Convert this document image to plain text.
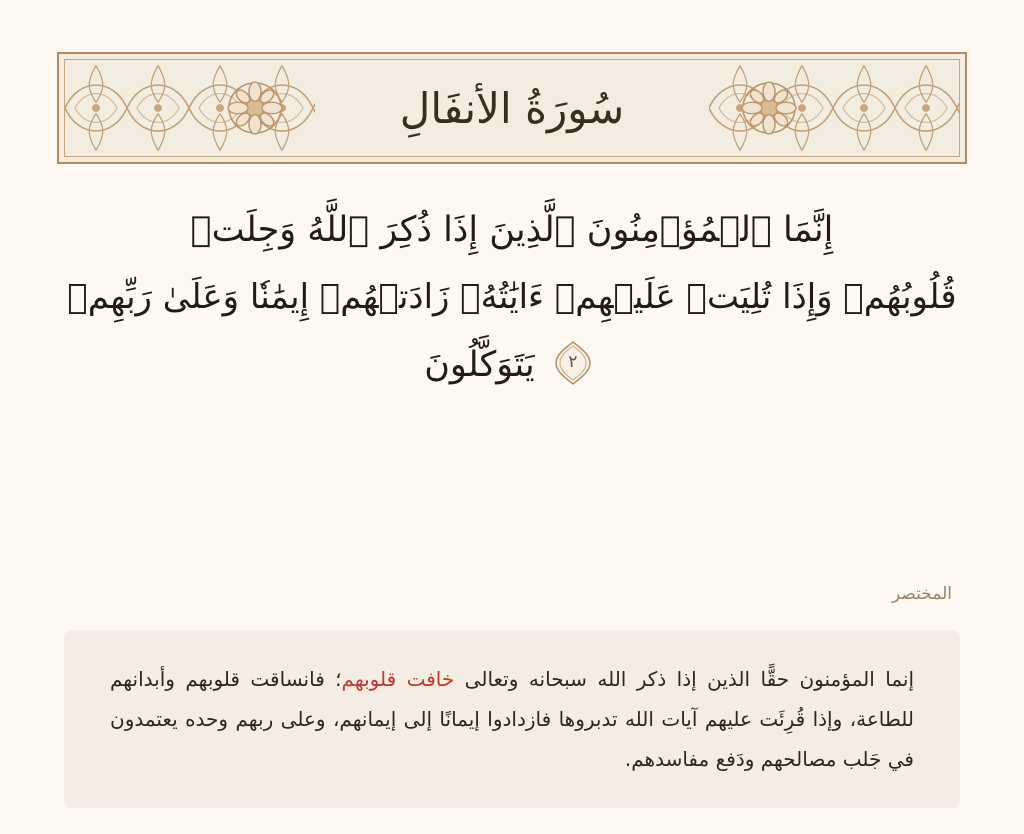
سُورَةُ الأنفَالِ
إِنَّمَا ٱلۡمُؤۡمِنُونَ ٱلَّذِينَ إِذَا ذُكِرَ ٱللَّهُ وَجِلَتۡ
قُلُوبُهُمۡ وَإِذَا تُلِيَتۡ عَلَيۡهِمۡ ءَايَٰتُهُۥ زَادَتۡهُمۡ إِيمَٰنٗا وَعَلَىٰ رَبِّهِمۡ
٢
يَتَوَكَّلُونَ
المختصر
إنما المؤمنون حقًّا الذين إذا ذكر الله سبحانه وتعالى خافت قلوبهم؛ فانساقت قلوبهم وأبدانهم للطاعة، وإذا قُرِئَت عليهم آيات الله تدبروها فازدادوا إيمانًا إلى إيمانهم، وعلى ربهم وحده يعتمدون في جَلب مصالحهم ودَفع مفاسدهم.
